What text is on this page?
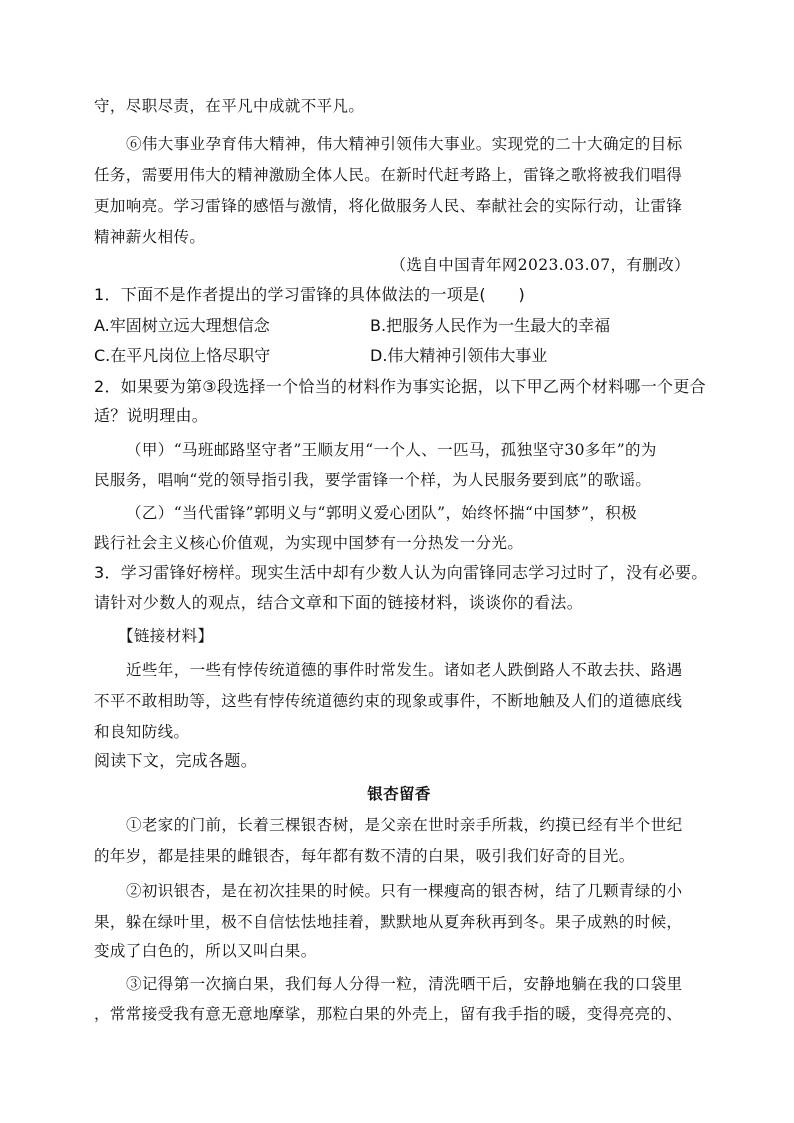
守，尽职尽责，在平凡中成就不平凡。
⑥伟大事业孕育伟大精神，伟大精神引领伟大事业。实现党的二十大确定的目标
任务，需要用伟大的精神激励全体人民。在新时代赶考路上，雷锋之歌将被我们唱得
更加响亮。学习雷锋的感悟与激情，将化做服务人民、奉献社会的实际行动，让雷锋
精神薪火相传。
（选自中国青年网2023.03.07，有删改）
1．下面不是作者提出的学习雷锋的具体做法的一项是(　　)
A.牢固树立远大理想信念	B.把服务人民作为一生最大的幸福
C.在平凡岗位上恪尽职守	D.伟大精神引领伟大事业
2．如果要为第③段选择一个恰当的材料作为事实论据，以下甲乙两个材料哪一个更合
适？说明理由。
（甲）“马班邮路坚守者”王顺友用“一个人、一匹马，孤独坚守30多年”的为
民服务，唱响“党的领导指引我，要学雷锋一个样，为人民服务要到底”的歌谣。
（乙）“当代雷锋”郭明义与“郭明义爱心团队”，始终怀揣“中国梦”，积极
践行社会主义核心价值观，为实现中国梦有一分热发一分光。
3．学习雷锋好榜样。现实生活中却有少数人认为向雷锋同志学习过时了，没有必要。
请针对少数人的观点，结合文章和下面的链接材料，谈谈你的看法。
【链接材料】
近些年，一些有悖传统道德的事件时常发生。诸如老人跌倒路人不敢去扶、路遇
不平不敢相助等，这些有悖传统道德约束的现象或事件，不断地触及人们的道德底线
和良知防线。
阅读下文，完成各题。
银杏留香
①老家的门前，长着三棵银杏树，是父亲在世时亲手所栽，约摸已经有半个世纪
的年岁，都是挂果的雌银杏，每年都有数不清的白果，吸引我们好奇的目光。
②初识银杏，是在初次挂果的时候。只有一棵瘦高的银杏树，结了几颗青绿的小
果，躲在绿叶里，极不自信怯怯地挂着，默默地从夏奔秋再到冬。果子成熟的时候，
变成了白色的，所以又叫白果。
③记得第一次摘白果，我们每人分得一粒，清洗晒干后，安静地躺在我的口袋里
，常常接受我有意无意地摩挲，那粒白果的外壳上，留有我手指的暖，变得亮亮的、
